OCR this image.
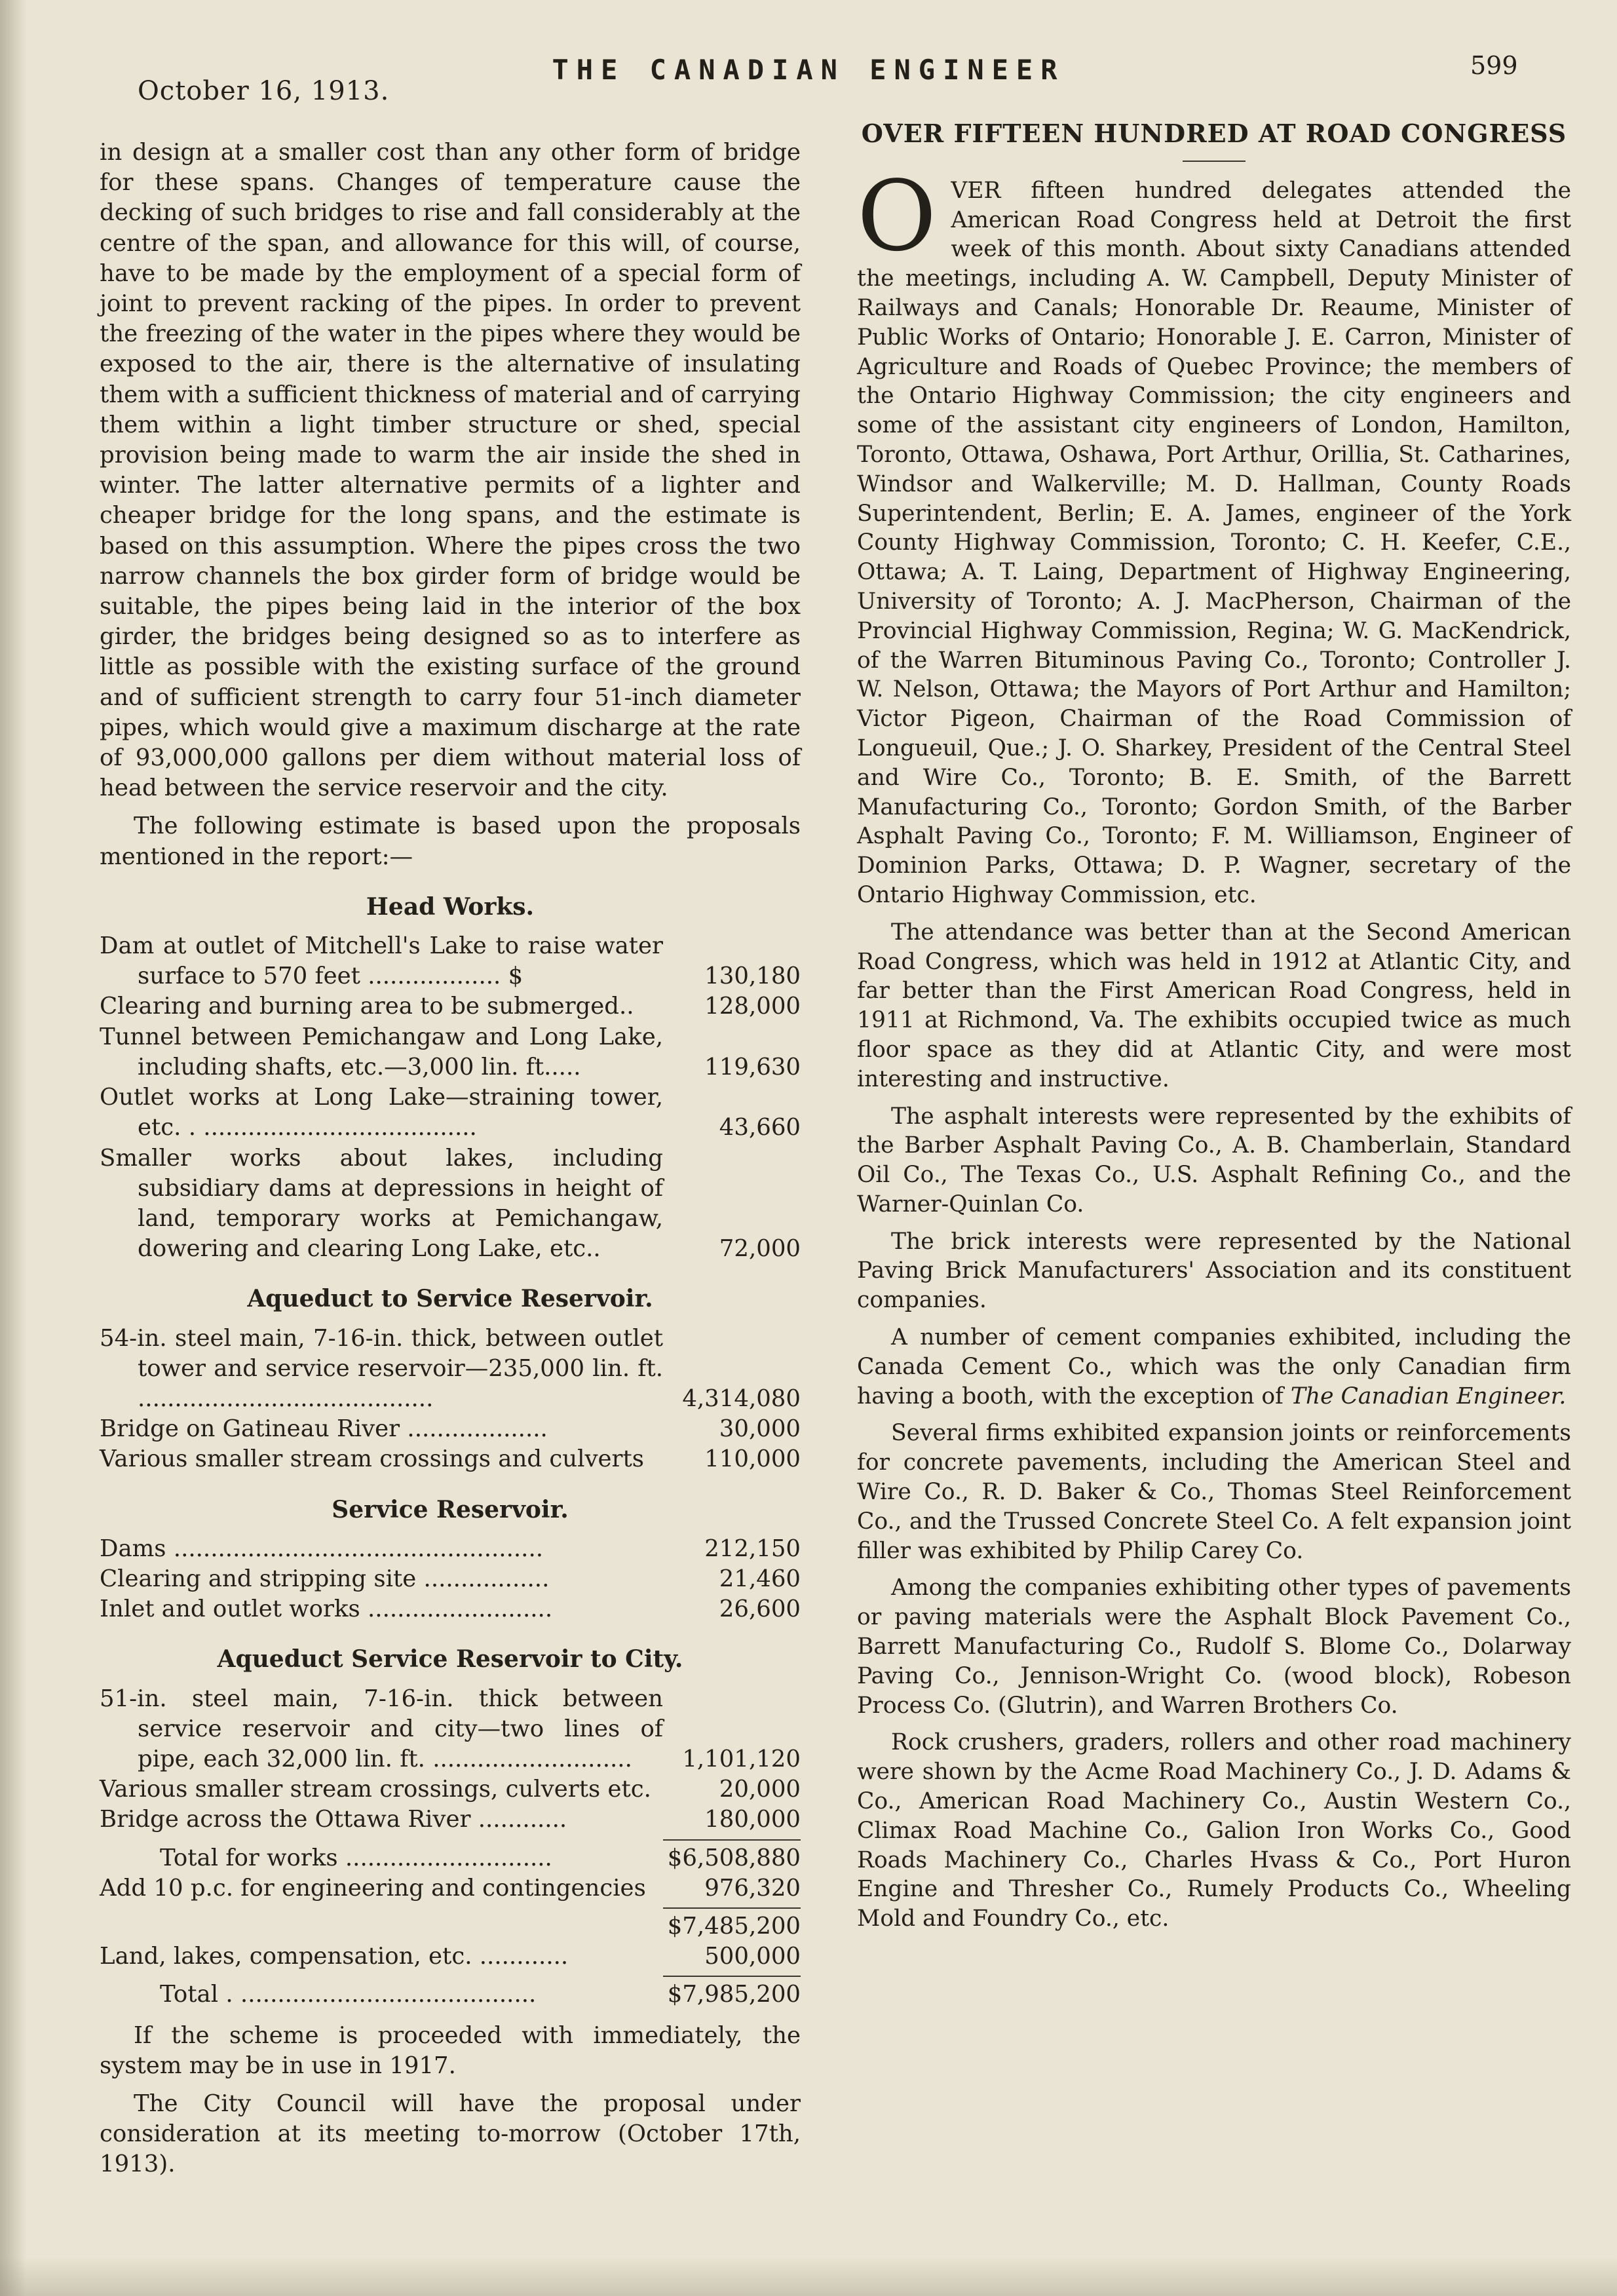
October 16, 1913.
THE CANADIAN ENGINEER	599

in design at a smaller cost than any other form of bridge for these spans. Changes of temperature cause the decking of such bridges to rise and fall considerably at the centre of the span, and allowance for this will, of course, have to be made by the employment of a special form of joint to prevent racking of the pipes. In order to prevent the freezing of the water in the pipes where they would be exposed to the air, there is the alternative of insulating them with a sufficient thickness of material and of carrying them within a light timber structure or shed, special provision being made to warm the air inside the shed in winter. The latter alternative permits of a lighter and cheaper bridge for the long spans, and the estimate is based on this assumption. Where the pipes cross the two narrow channels the box girder form of bridge would be suitable, the pipes being laid in the interior of the box girder, the bridges being designed so as to interfere as little as possible with the existing surface of the ground and of sufficient strength to carry four 51-inch diameter pipes, which would give a maximum discharge at the rate of 93,000,000 gallons per diem without material loss of head between the service reservoir and the city.

The following estimate is based upon the proposals mentioned in the report:—

Head Works.
Dam at outlet of Mitchell's Lake to raise water surface to 570 feet .................. $	130,180
Clearing and burning area to be submerged..	128,000
Tunnel between Pemichangaw and Long Lake, including shafts, etc.—3,000 lin. ft.....	119,630
Outlet works at Long Lake—straining tower, etc. . .....................................	43,660
Smaller works about lakes, including subsidiary dams at depressions in height of land, temporary works at Pemichangaw, dowering and clearing Long Lake, etc..	72,000
Aqueduct to Service Reservoir.
54-in. steel main, 7-16-in. thick, between outlet tower and service reservoir—235,000 lin. ft. ........................................	4,314,080
Bridge on Gatineau River ...................	30,000
Various smaller stream crossings and culverts	110,000
Service Reservoir.
Dams ..................................................	212,150
Clearing and stripping site .................	21,460
Inlet and outlet works .........................	26,600
Aqueduct Service Reservoir to City.
51-in. steel main, 7-16-in. thick between service reservoir and city—two lines of pipe, each 32,000 lin. ft. ...........................	1,101,120
Various smaller stream crossings, culverts etc.	20,000
Bridge across the Ottawa River ............	180,000
Total for works ............................	$6,508,880
Add 10 p.c. for engineering and contingencies	976,320
$7,485,200
Land, lakes, compensation, etc. ............	500,000
Total . ........................................	$7,985,200

If the scheme is proceeded with immediately, the system may be in use in 1917.

The City Council will have the proposal under consideration at its meeting to-morrow (October 17th, 1913).

OVER FIFTEEN HUNDRED AT ROAD CONGRESS

OVER fifteen hundred delegates attended the American Road Congress held at Detroit the first week of this month. About sixty Canadians attended the meetings, including A. W. Campbell, Deputy Minister of Railways and Canals; Honorable Dr. Reaume, Minister of Public Works of Ontario; Honorable J. E. Carron, Minister of Agriculture and Roads of Quebec Province; the members of the Ontario Highway Commission; the city engineers and some of the assistant city engineers of London, Hamilton, Toronto, Ottawa, Oshawa, Port Arthur, Orillia, St. Catharines, Windsor and Walkerville; M. D. Hallman, County Roads Superintendent, Berlin; E. A. James, engineer of the York County Highway Commission, Toronto; C. H. Keefer, C.E., Ottawa; A. T. Laing, Department of Highway Engineering, University of Toronto; A. J. MacPherson, Chairman of the Provincial Highway Commission, Regina; W. G. MacKendrick, of the Warren Bituminous Paving Co., Toronto; Controller J. W. Nelson, Ottawa; the Mayors of Port Arthur and Hamilton; Victor Pigeon, Chairman of the Road Commission of Longueuil, Que.; J. O. Sharkey, President of the Central Steel and Wire Co., Toronto; B. E. Smith, of the Barrett Manufacturing Co., Toronto; Gordon Smith, of the Barber Asphalt Paving Co., Toronto; F. M. Williamson, Engineer of Dominion Parks, Ottawa; D. P. Wagner, secretary of the Ontario Highway Commission, etc.

The attendance was better than at the Second American Road Congress, which was held in 1912 at Atlantic City, and far better than the First American Road Congress, held in 1911 at Richmond, Va. The exhibits occupied twice as much floor space as they did at Atlantic City, and were most interesting and instructive.

The asphalt interests were represented by the exhibits of the Barber Asphalt Paving Co., A. B. Chamberlain, Standard Oil Co., The Texas Co., U.S. Asphalt Refining Co., and the Warner-Quinlan Co.

The brick interests were represented by the National Paving Brick Manufacturers' Association and its constituent companies.

A number of cement companies exhibited, including the Canada Cement Co., which was the only Canadian firm having a booth, with the exception of The Canadian Engineer.

Several firms exhibited expansion joints or reinforcements for concrete pavements, including the American Steel and Wire Co., R. D. Baker & Co., Thomas Steel Reinforcement Co., and the Trussed Concrete Steel Co. A felt expansion joint filler was exhibited by Philip Carey Co.

Among the companies exhibiting other types of pavements or paving materials were the Asphalt Block Pavement Co., Barrett Manufacturing Co., Rudolf S. Blome Co., Dolarway Paving Co., Jennison-Wright Co. (wood block), Robeson Process Co. (Glutrin), and Warren Brothers Co.

Rock crushers, graders, rollers and other road machinery were shown by the Acme Road Machinery Co., J. D. Adams & Co., American Road Machinery Co., Austin Western Co., Climax Road Machine Co., Galion Iron Works Co., Good Roads Machinery Co., Charles Hvass & Co., Port Huron Engine and Thresher Co., Rumely Products Co., Wheeling Mold and Foundry Co., etc.
